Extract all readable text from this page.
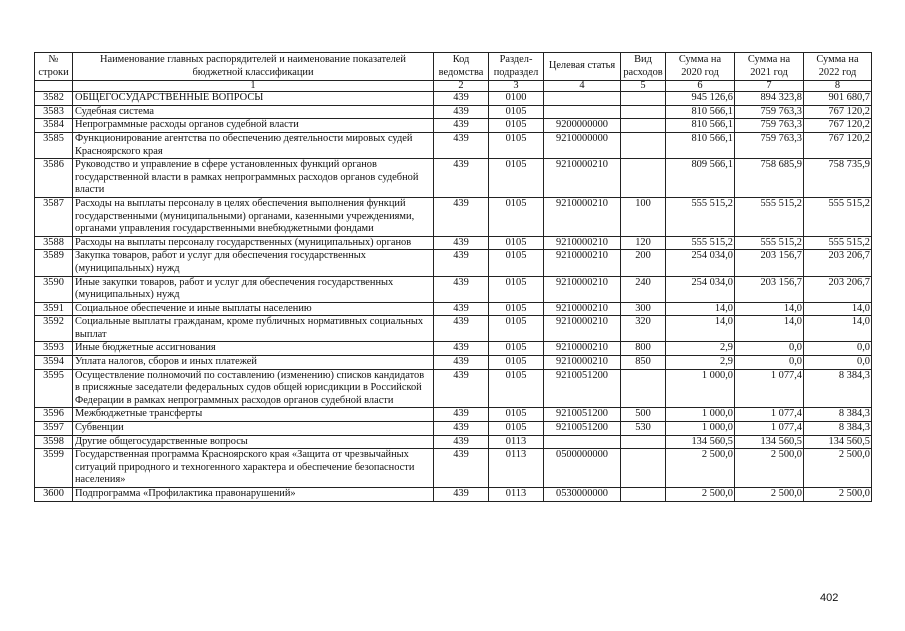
№ строки	Наименование главных распорядителей и наименование показателей бюджетной классификации	Код ведомства	Раздел-подраздел	Целевая статья	Вид расходов	Сумма на 2020 год	Сумма на 2021 год	Сумма на 2022 год
	1	2	3	4	5	6	7	8
3582	ОБЩЕГОСУДАРСТВЕННЫЕ ВОПРОСЫ	439	0100			945 126,6	894 323,8	901 680,7
3583	Судебная система	439	0105			810 566,1	759 763,3	767 120,2
3584	Непрограммные расходы органов судебной власти	439	0105	9200000000		810 566,1	759 763,3	767 120,2
3585	Функционирование агентства по обеспечению деятельности мировых судей Красноярского края	439	0105	9210000000		810 566,1	759 763,3	767 120,2
3586	Руководство и управление в сфере установленных функций органов государственной власти в рамках непрограммных расходов органов судебной власти	439	0105	9210000210		809 566,1	758 685,9	758 735,9
3587	Расходы на выплаты персоналу в целях обеспечения выполнения функций государственными (муниципальными) органами, казенными учреждениями, органами управления государственными внебюджетными фондами	439	0105	9210000210	100	555 515,2	555 515,2	555 515,2
3588	Расходы на выплаты персоналу государственных (муниципальных) органов	439	0105	9210000210	120	555 515,2	555 515,2	555 515,2
3589	Закупка товаров, работ и услуг для обеспечения государственных (муниципальных) нужд	439	0105	9210000210	200	254 034,0	203 156,7	203 206,7
3590	Иные закупки товаров, работ и услуг для обеспечения государственных (муниципальных) нужд	439	0105	9210000210	240	254 034,0	203 156,7	203 206,7
3591	Социальное обеспечение и иные выплаты населению	439	0105	9210000210	300	14,0	14,0	14,0
3592	Социальные выплаты гражданам, кроме публичных нормативных социальных выплат	439	0105	9210000210	320	14,0	14,0	14,0
3593	Иные бюджетные ассигнования	439	0105	9210000210	800	2,9	0,0	0,0
3594	Уплата налогов, сборов и иных платежей	439	0105	9210000210	850	2,9	0,0	0,0
3595	Осуществление полномочий по составлению (изменению) списков кандидатов в присяжные заседатели федеральных судов общей юрисдикции в Российской Федерации в рамках непрограммных расходов органов судебной власти	439	0105	9210051200		1 000,0	1 077,4	8 384,3
3596	Межбюджетные трансферты	439	0105	9210051200	500	1 000,0	1 077,4	8 384,3
3597	Субвенции	439	0105	9210051200	530	1 000,0	1 077,4	8 384,3
3598	Другие общегосударственные вопросы	439	0113			134 560,5	134 560,5	134 560,5
3599	Государственная программа Красноярского края «Защита от чрезвычайных ситуаций природного и техногенного характера и обеспечение безопасности населения»	439	0113	0500000000		2 500,0	2 500,0	2 500,0
3600	Подпрограмма «Профилактика правонарушений»	439	0113	0530000000		2 500,0	2 500,0	2 500,0
402
